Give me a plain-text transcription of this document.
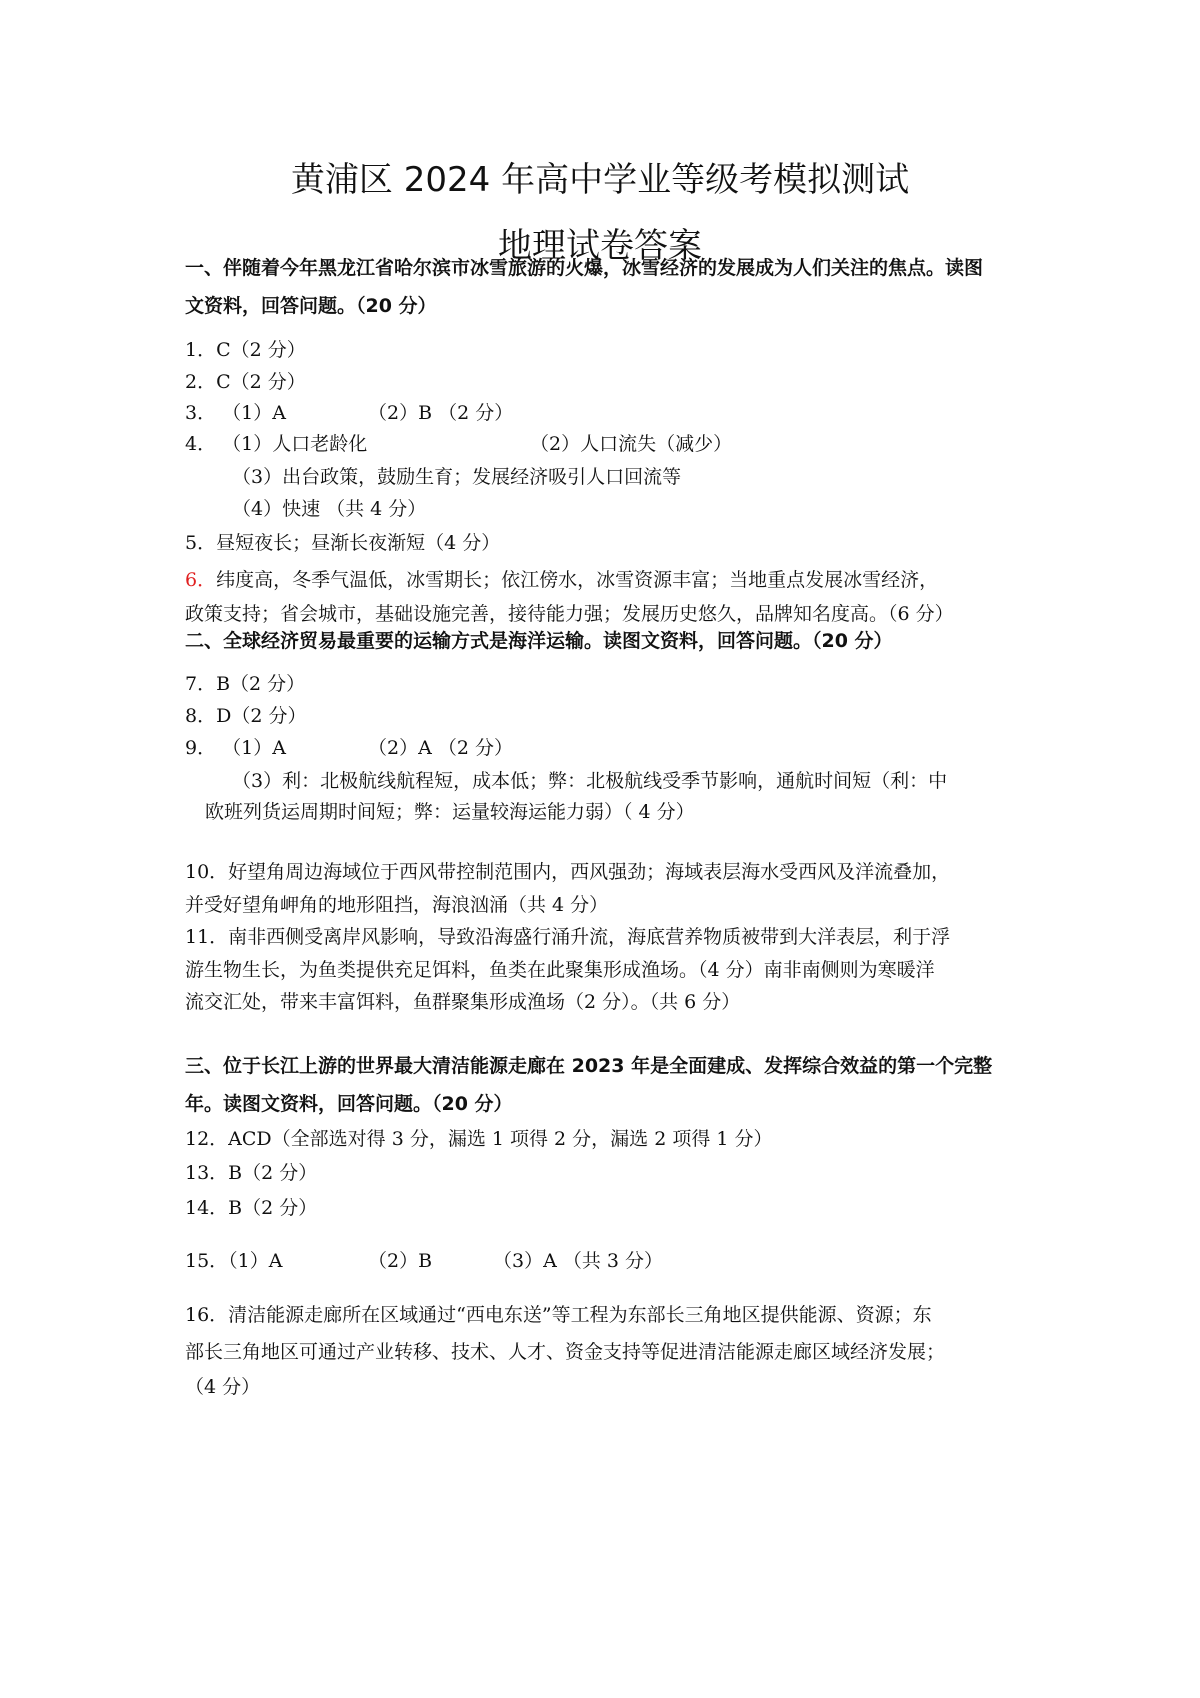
黄浦区 2024 年高中学业等级考模拟测试
地理试卷答案
一、伴随着今年黑龙江省哈尔滨市冰雪旅游的火爆，冰雪经济的发展成为人们关注的焦点。读图
文资料，回答问题。（20 分）
1．C（2 分）
2．C（2 分）
3． （1）A	（2）B （2 分）
4． （1）人口老龄化	（2）人口流失（减少）
（3）出台政策，鼓励生育；发展经济吸引人口回流等
（4）快速 （共 4 分）
5．昼短夜长；昼渐长夜渐短（4 分）
6．纬度高，冬季气温低，冰雪期长；依江傍水，冰雪资源丰富；当地重点发展冰雪经济，
政策支持；省会城市，基础设施完善，接待能力强；发展历史悠久，品牌知名度高。（6 分）
二、全球经济贸易最重要的运输方式是海洋运输。读图文资料，回答问题。（20 分）
7．B（2 分）
8．D（2 分）
9． （1）A	（2）A （2 分）
（3）利：北极航线航程短，成本低；弊：北极航线受季节影响，通航时间短（利：中
欧班列货运周期时间短；弊：运量较海运能力弱）（ 4 分）
10．好望角周边海域位于西风带控制范围内，西风强劲；海域表层海水受西风及洋流叠加，
并受好望角岬角的地形阻挡，海浪汹涌（共 4 分）
11．南非西侧受离岸风影响，导致沿海盛行涌升流，海底营养物质被带到大洋表层，利于浮
游生物生长，为鱼类提供充足饵料，鱼类在此聚集形成渔场。（4 分）南非南侧则为寒暖洋
流交汇处，带来丰富饵料，鱼群聚集形成渔场（2 分）。（共 6 分）
三、位于长江上游的世界最大清洁能源走廊在 2023 年是全面建成、发挥综合效益的第一个完整
年。读图文资料，回答问题。（20 分）
12．ACD（全部选对得 3 分，漏选 1 项得 2 分，漏选 2 项得 1 分）
13．B（2 分）
14．B（2 分）
15．（1）A	（2）B	（3）A （共 3 分）
16．清洁能源走廊所在区域通过“西电东送”等工程为东部长三角地区提供能源、资源；东
部长三角地区可通过产业转移、技术、人才、资金支持等促进清洁能源走廊区域经济发展；
（4 分）
